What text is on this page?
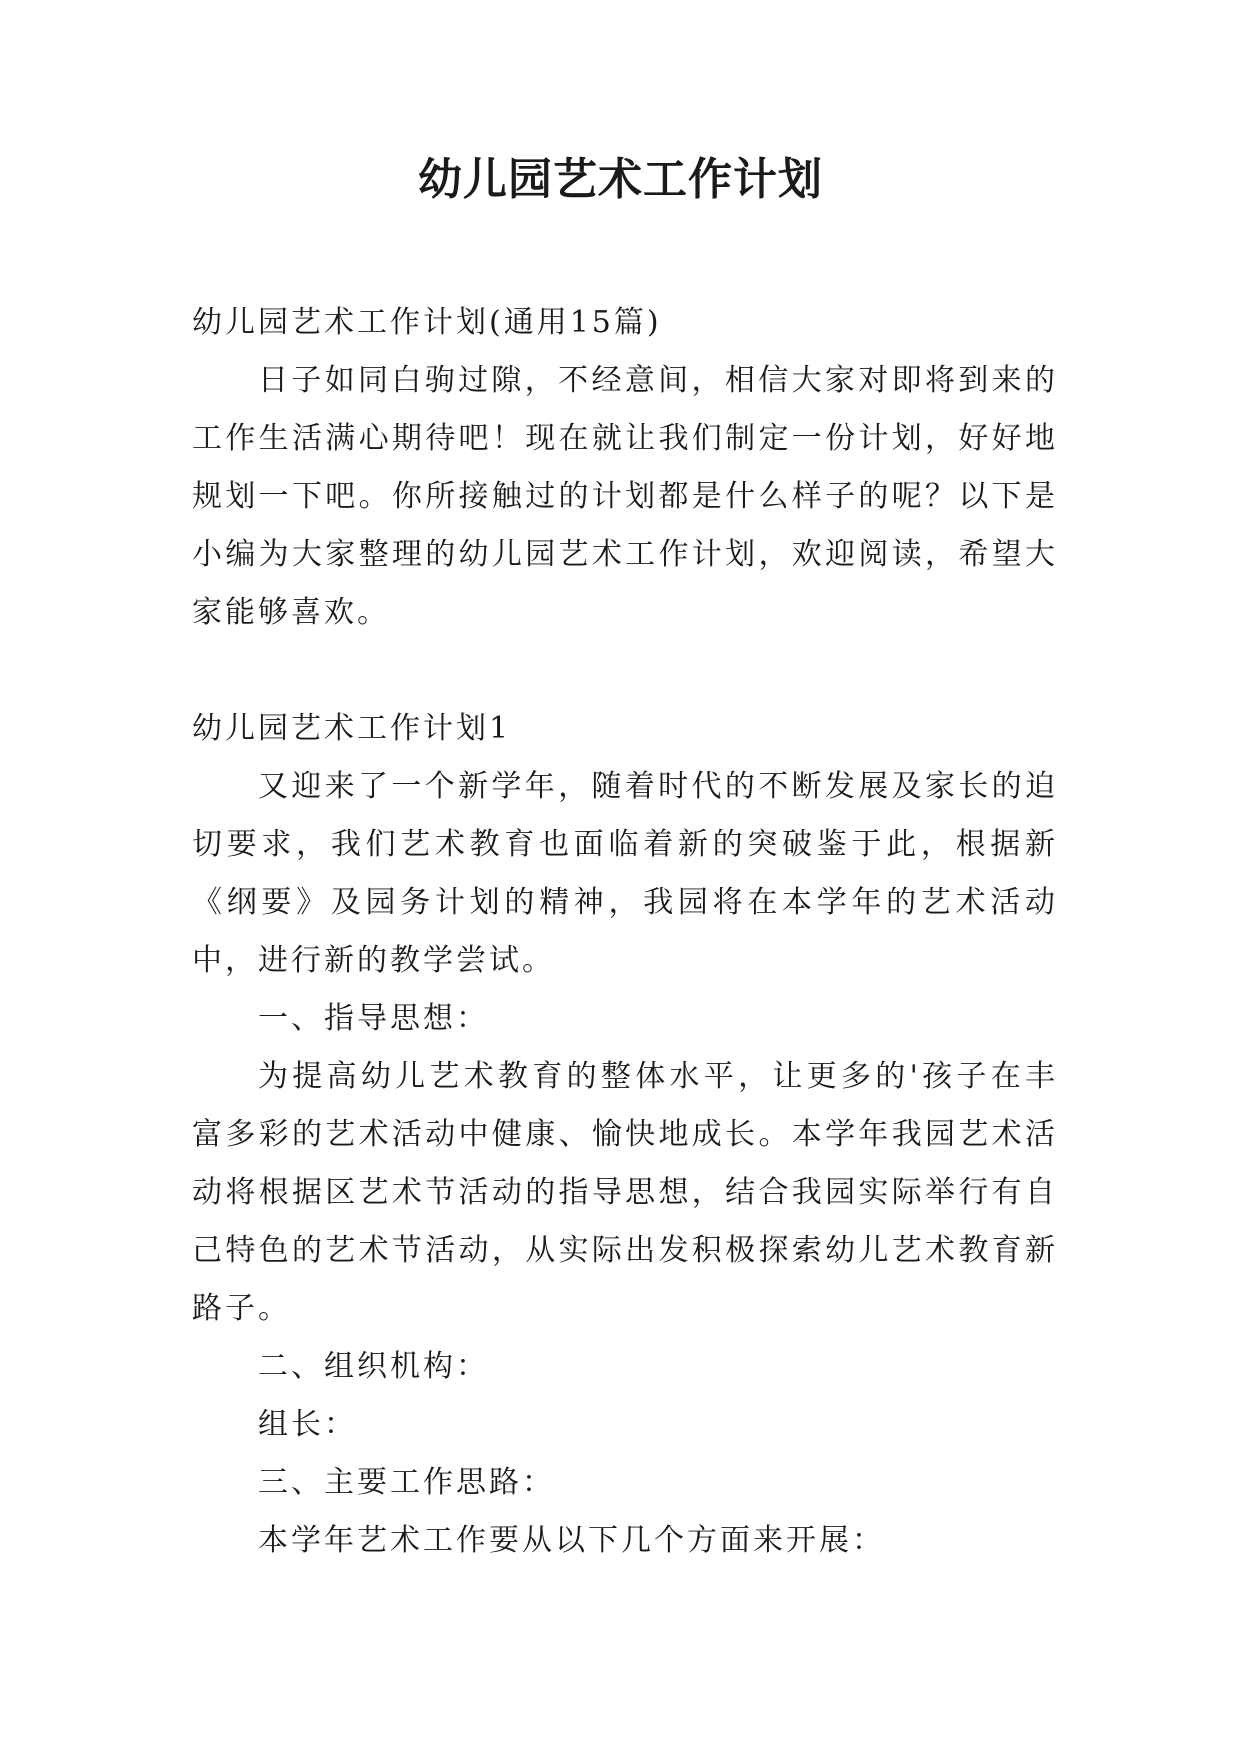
幼儿园艺术工作计划

幼儿园艺术工作计划(通用15篇)

日子如同白驹过隙，不经意间，相信大家对即将到来的工作生活满心期待吧！现在就让我们制定一份计划，好好地规划一下吧。你所接触过的计划都是什么样子的呢？以下是小编为大家整理的幼儿园艺术工作计划，欢迎阅读，希望大家能够喜欢。

幼儿园艺术工作计划1

又迎来了一个新学年，随着时代的不断发展及家长的迫切要求，我们艺术教育也面临着新的突破鉴于此，根据新《纲要》及园务计划的精神，我园将在本学年的艺术活动中，进行新的教学尝试。

一、指导思想：

为提高幼儿艺术教育的整体水平，让更多的'孩子在丰富多彩的艺术活动中健康、愉快地成长。本学年我园艺术活动将根据区艺术节活动的指导思想，结合我园实际举行有自己特色的艺术节活动，从实际出发积极探索幼儿艺术教育新路子。

二、组织机构：

组长：

三、主要工作思路：

本学年艺术工作要从以下几个方面来开展：
